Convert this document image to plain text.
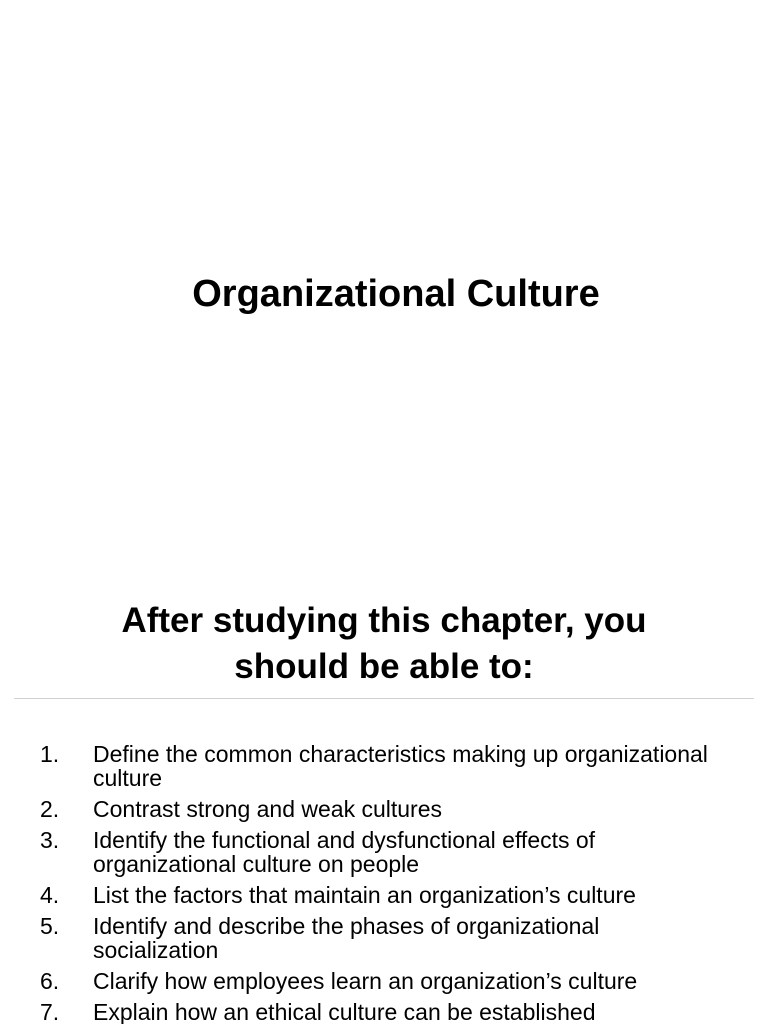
Organizational Culture
After studying this chapter, you
should be able to:
1. Define the common characteristics making up organizational culture
2. Contrast strong and weak cultures
3. Identify the functional and dysfunctional effects of organizational culture on people
4. List the factors that maintain an organization’s culture
5. Identify and describe the phases of organizational socialization
6. Clarify how employees learn an organization’s culture
7. Explain how an ethical culture can be established
